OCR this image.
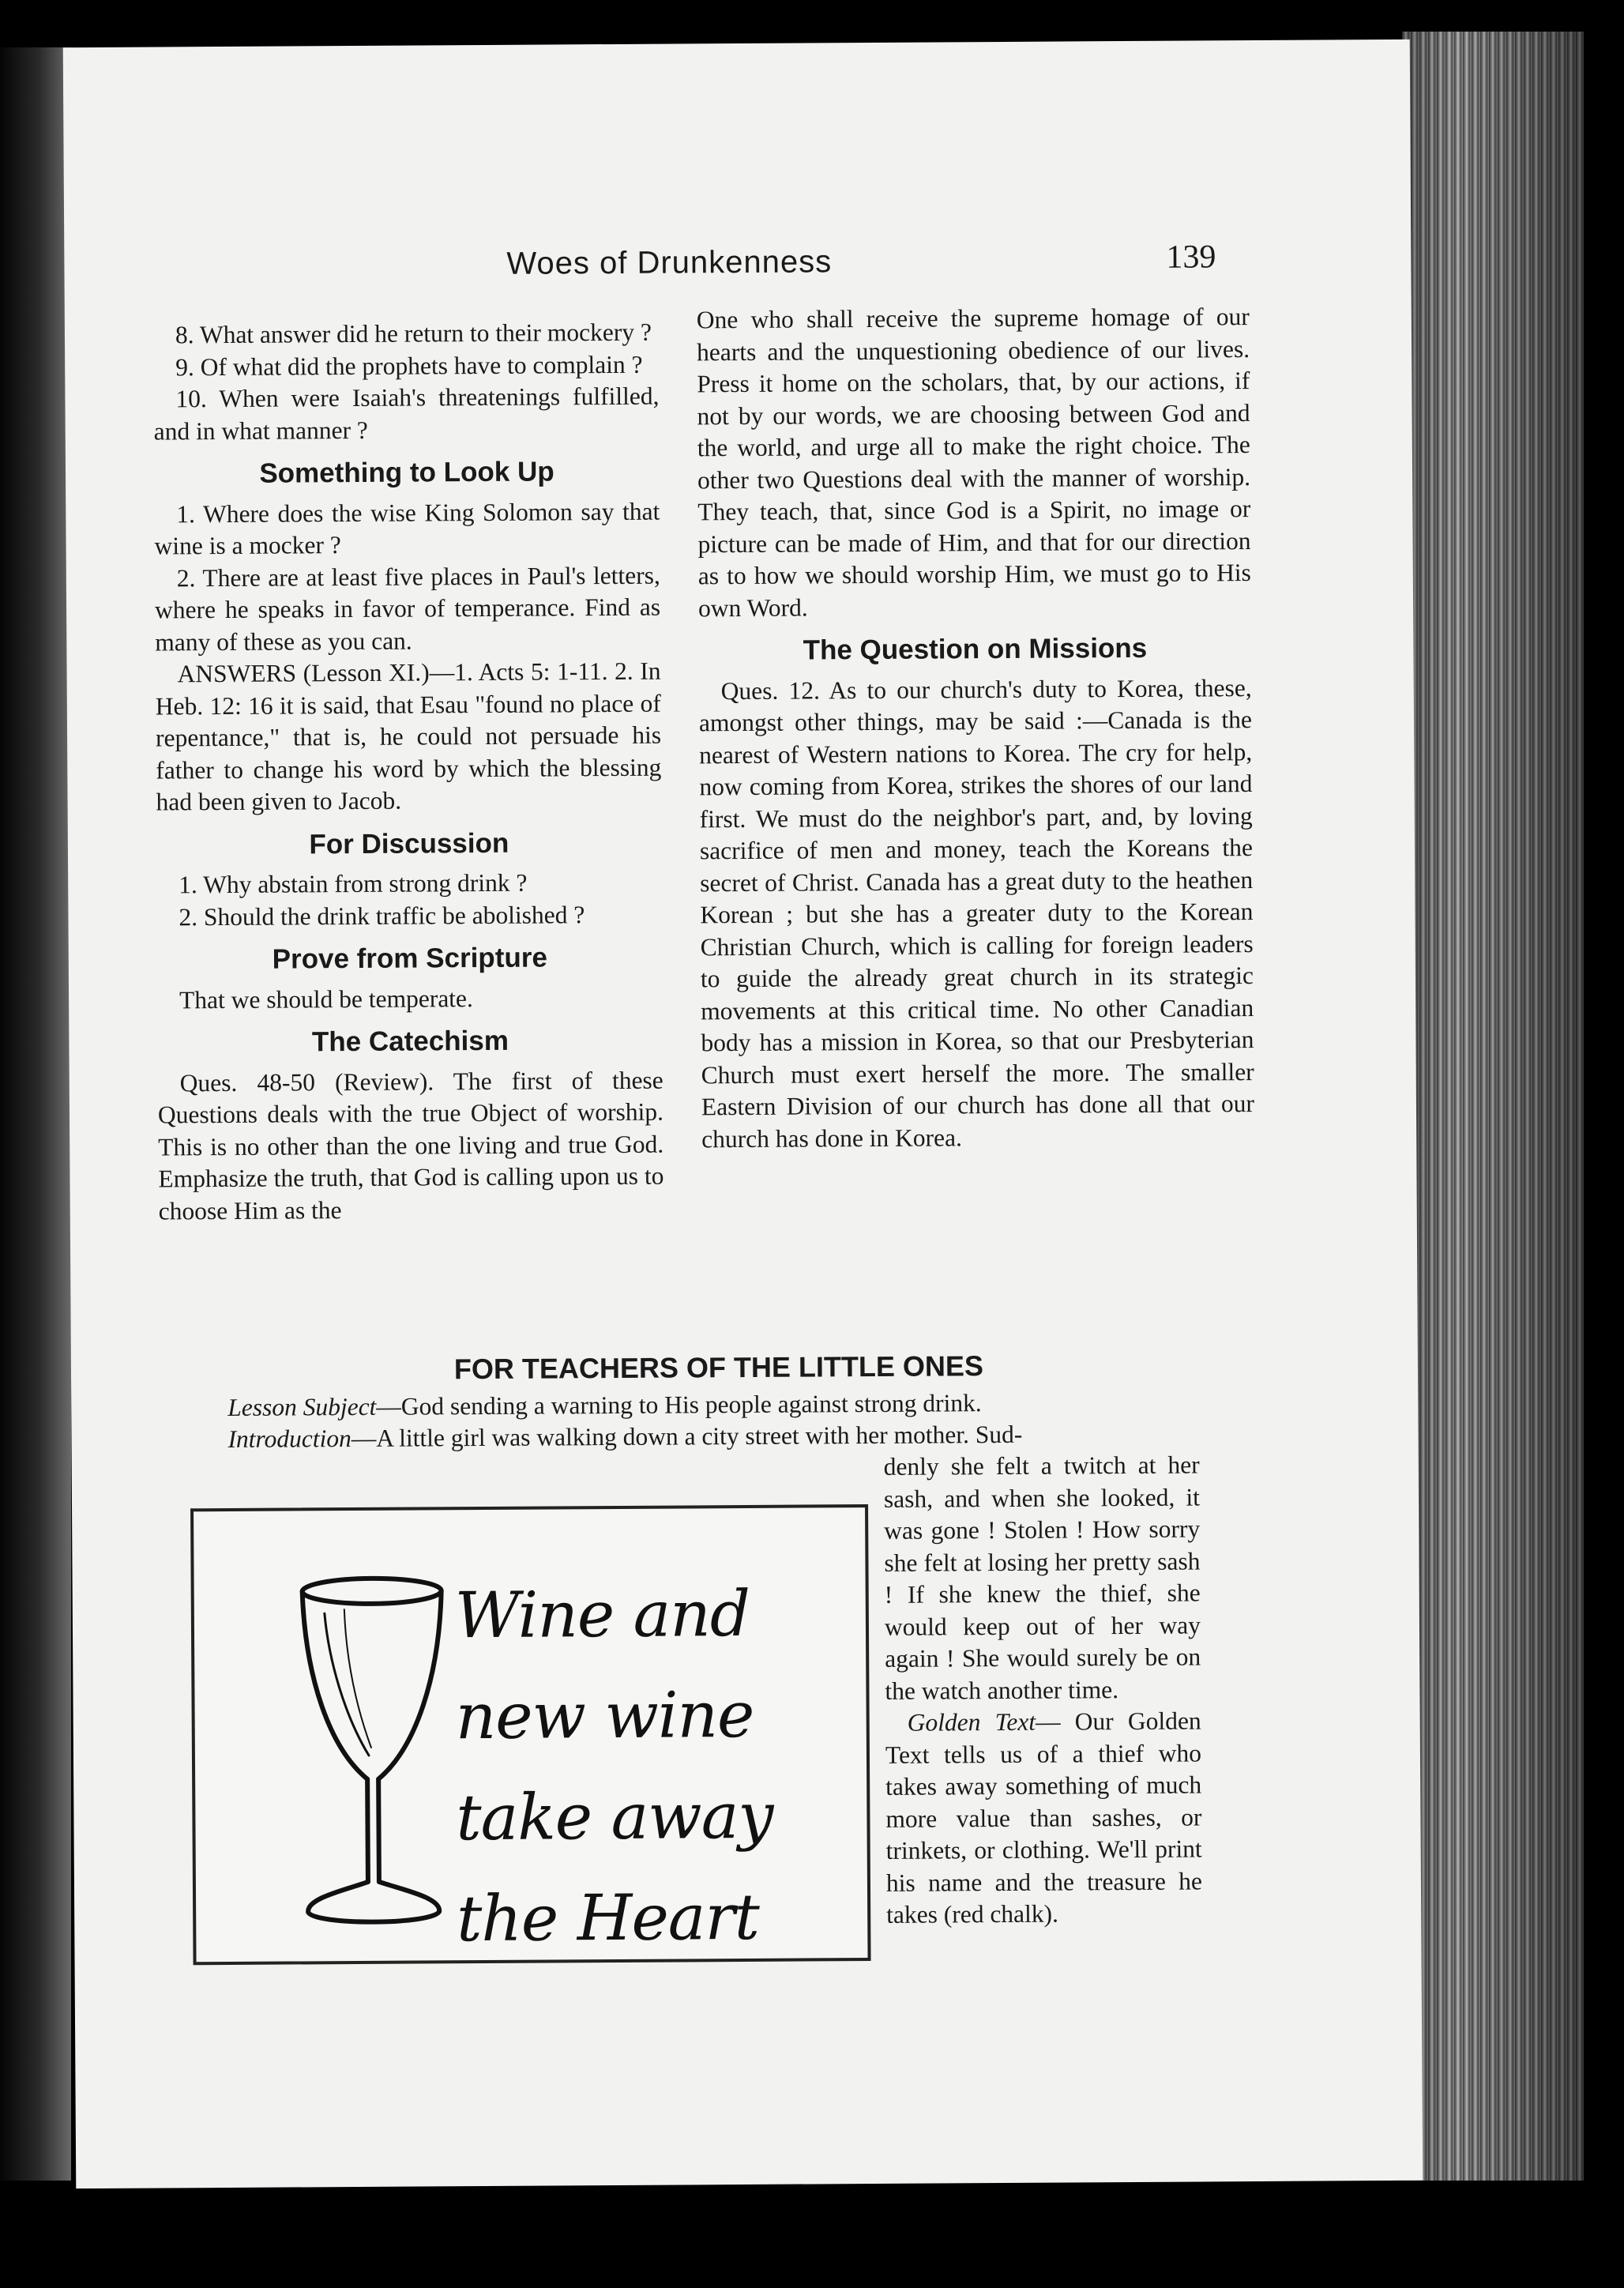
Woes of Drunkenness	139

8. What answer did he return to their mockery ?

9. Of what did the prophets have to complain ?

10. When were Isaiah's threatenings fulfilled, and in what manner ?

Something to Look Up

1. Where does the wise King Solomon say that wine is a mocker ?

2. There are at least five places in Paul's letters, where he speaks in favor of temperance. Find as many of these as you can.

ANSWERS (Lesson XI.)—1. Acts 5: 1-11. 2. In Heb. 12: 16 it is said, that Esau "found no place of repentance," that is, he could not persuade his father to change his word by which the blessing had been given to Jacob.

For Discussion

1. Why abstain from strong drink ?

2. Should the drink traffic be abolished ?

Prove from Scripture

That we should be temperate.

The Catechism

Ques. 48-50 (Review). The first of these Questions deals with the true Object of worship. This is no other than the one living and true God. Emphasize the truth, that God is calling upon us to choose Him as the

One who shall receive the supreme homage of our hearts and the unquestioning obedience of our lives. Press it home on the scholars, that, by our actions, if not by our words, we are choosing between God and the world, and urge all to make the right choice. The other two Questions deal with the manner of worship. They teach, that, since God is a Spirit, no image or picture can be made of Him, and that for our direction as to how we should worship Him, we must go to His own Word.

The Question on Missions

Ques. 12. As to our church's duty to Korea, these, amongst other things, may be said :—Canada is the nearest of Western nations to Korea. The cry for help, now coming from Korea, strikes the shores of our land first. We must do the neighbor's part, and, by loving sacrifice of men and money, teach the Koreans the secret of Christ. Canada has a great duty to the heathen Korean ; but she has a greater duty to the Korean Christian Church, which is calling for foreign leaders to guide the already great church in its strategic movements at this critical time. No other Canadian body has a mission in Korea, so that our Presbyterian Church must exert herself the more. The smaller Eastern Division of our church has done all that our church has done in Korea.

FOR TEACHERS OF THE LITTLE ONES
Lesson Subject—God sending a warning to His people against strong drink.
Introduction—A little girl was walking down a city street with her mother. Sud-

denly she felt a twitch at her sash, and when she looked, it was gone ! Stolen ! How sorry she felt at losing her pretty sash ! If she knew the thief, she would keep out of her way again ! She would surely be on the watch another time.

Golden Text— Our Golden Text tells us of a thief who takes away something of much more value than sashes, or trinkets, or clothing. We'll print his name and the treasure he takes (red chalk).

Wine and
new wine
take away
the Heart
